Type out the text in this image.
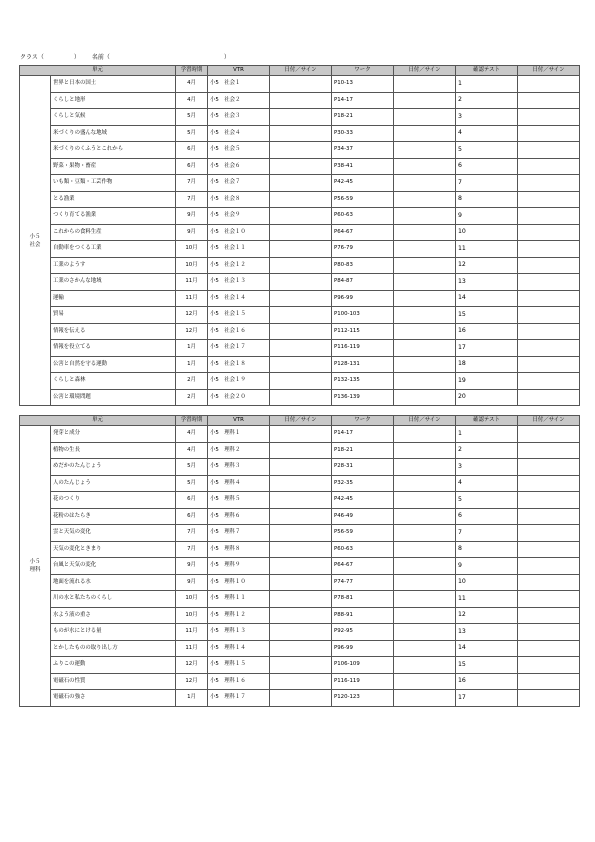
クラス（　　　　　）　　 名前（　　　　　　　　　　　　　　　　　　　）
単元		学習時期	VTR	日付／サイン	ワーク	日付／サイン	確認テスト	日付／サイン

小５
社会	世界と日本の国土	4月	小5　社会１		P10-13		1	
	くらしと地形	4月	小5　社会２		P14-17		2	
	くらしと気候	5月	小5　社会３		P18-21		3	
	米づくりの盛んな地域	5月	小5　社会４		P30-33		4	
	米づくりのくふうとこれから	6月	小5　社会５		P34-37		5	
	野菜・果物・畜産	6月	小5　社会６		P38-41		6	
	いも類・豆類・工芸作物	7月	小5　社会７		P42-45		7	
	とる漁業	7月	小5　社会８		P56-59		8	
	つくり育てる漁業	9月	小5　社会９		P60-63		9	
	これからの食料生産	9月	小5　社会１０		P64-67		10	
	自動車をつくる工業	10月	小5　社会１１		P76-79		11	
	工業のようす	10月	小5　社会１２		P80-83		12	
	工業のさかんな地域	11月	小5　社会１３		P84-87		13	
	運輸	11月	小5　社会１４		P96-99		14	
	貿易	12月	小5　社会１５		P100-103		15	
	情報を伝える	12月	小5　社会１６		P112-115		16	
	情報を役立てる	1月	小5　社会１７		P116-119		17	
	公害と自然を守る運動	1月	小5　社会１８		P128-131		18	
	くらしと森林	2月	小5　社会１９		P132-135		19	
	公害と環境問題	2月	小5　社会２０		P136-139		20	
単元		学習時期	VTR	日付／サイン	ワーク	日付／サイン	確認テスト	日付／サイン

小５
理科	発芽と成分	4月	小5　理科１		P14-17		1	
	植物の生長	4月	小5　理科２		P18-21		2	
	めだかのたんじょう	5月	小5　理科３		P28-31		3	
	人のたんじょう	5月	小5　理科４		P32-35		4	
	花のつくり	6月	小5　理科５		P42-45		5	
	花粉のはたらき	6月	小5　理科６		P46-49		6	
	雲と天気の変化	7月	小5　理科７		P56-59		7	
	天気の変化ときまり	7月	小5　理科８		P60-63		8	
	台風と天気の変化	9月	小5　理科９		P64-67		9	
	地面を流れる水	9月	小5　理科１０		P74-77		10	
	川の水と私たちのくらし	10月	小5　理科１１		P78-81		11	
	水よう液の重さ	10月	小5　理科１２		P88-91		12	
	ものが水にとける量	11月	小5　理科１３		P92-95		13	
	とかしたものの取り出し方	11月	小5　理科１４		P96-99		14	
	ふりこの運動	12月	小5　理科１５		P106-109		15	
	電磁石の性質	12月	小5　理科１６		P116-119		16	
	電磁石の強さ	1月	小5　理科１７		P120-123		17	
